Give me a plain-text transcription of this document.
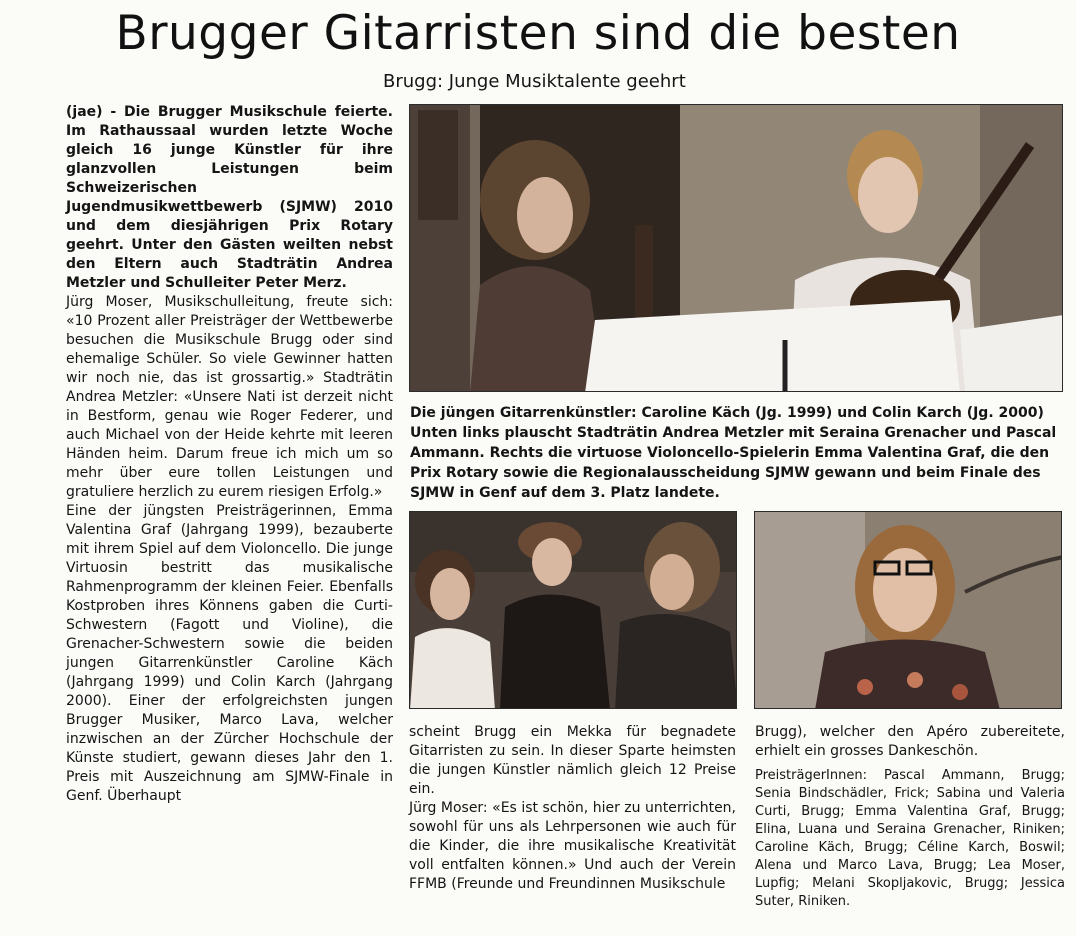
Brugger Gitarristen sind die besten
Brugg: Junge Musiktalente geehrt

(jae) - Die Brugger Musikschule feierte. Im Rathaussaal wurden letzte Woche gleich 16 junge Künstler für ihre glanzvollen Leistungen beim Schweizerischen Jugendmusikwettbewerb (SJMW) 2010 und dem diesjährigen Prix Rotary geehrt. Unter den Gästen weilten nebst den Eltern auch Stadträtin Andrea Metzler und Schulleiter Peter Merz.

Jürg Moser, Musikschulleitung, freute sich: «10 Prozent aller Preisträger der Wettbewerbe besuchen die Musikschule Brugg oder sind ehemalige Schüler. So viele Gewinner hatten wir noch nie, das ist grossartig.» Stadträtin Andrea Metzler: «Unsere Nati ist derzeit nicht in Bestform, genau wie Roger Federer, und auch Michael von der Heide kehrte mit leeren Händen heim. Darum freue ich mich um so mehr über eure tollen Leistungen und gratuliere herzlich zu eurem riesigen Erfolg.»

Eine der jüngsten Preisträgerinnen, Emma Valentina Graf (Jahrgang 1999), bezauberte mit ihrem Spiel auf dem Violoncello. Die junge Virtuosin bestritt das musikalische Rahmenprogramm der kleinen Feier. Ebenfalls Kostproben ihres Könnens gaben die Curti-Schwestern (Fagott und Violine), die Grenacher-Schwestern sowie die beiden jungen Gitarrenkünstler Caroline Käch (Jahrgang 1999) und Colin Karch (Jahrgang 2000). Einer der erfolgreichsten jungen Brugger Musiker, Marco Lava, welcher inzwischen an der Zürcher Hochschule der Künste studiert, gewann dieses Jahr den 1. Preis mit Auszeichnung am SJMW-Finale in Genf. Überhaupt

Die jüngen Gitarrenkünstler: Caroline Käch (Jg. 1999) und Colin Karch (Jg. 2000) Unten links plauscht Stadträtin Andrea Metzler mit Seraina Grenacher und Pascal Ammann. Rechts die virtuose Violoncello-Spielerin Emma Valentina Graf, die den Prix Rotary sowie die Regionalausscheidung SJMW gewann und beim Finale des SJMW in Genf auf dem 3. Platz landete.

scheint Brugg ein Mekka für begnadete Gitarristen zu sein. In dieser Sparte heimsten die jungen Künstler nämlich gleich 12 Preise ein.

Jürg Moser: «Es ist schön, hier zu unterrichten, sowohl für uns als Lehrpersonen wie auch für die Kinder, die ihre musikalische Kreativität voll entfalten können.» Und auch der Verein FFMB (Freunde und Freundinnen Musikschule

Brugg), welcher den Apéro zubereitete, erhielt ein grosses Dankeschön.

PreisträgerInnen: Pascal Ammann, Brugg; Senia Bindschädler, Frick; Sabina und Valeria Curti, Brugg; Emma Valentina Graf, Brugg; Elina, Luana und Seraina Grenacher, Riniken; Caroline Käch, Brugg; Céline Karch, Boswil; Alena und Marco Lava, Brugg; Lea Moser, Lupfig; Melani Skopljakovic, Brugg; Jessica Suter, Riniken.
